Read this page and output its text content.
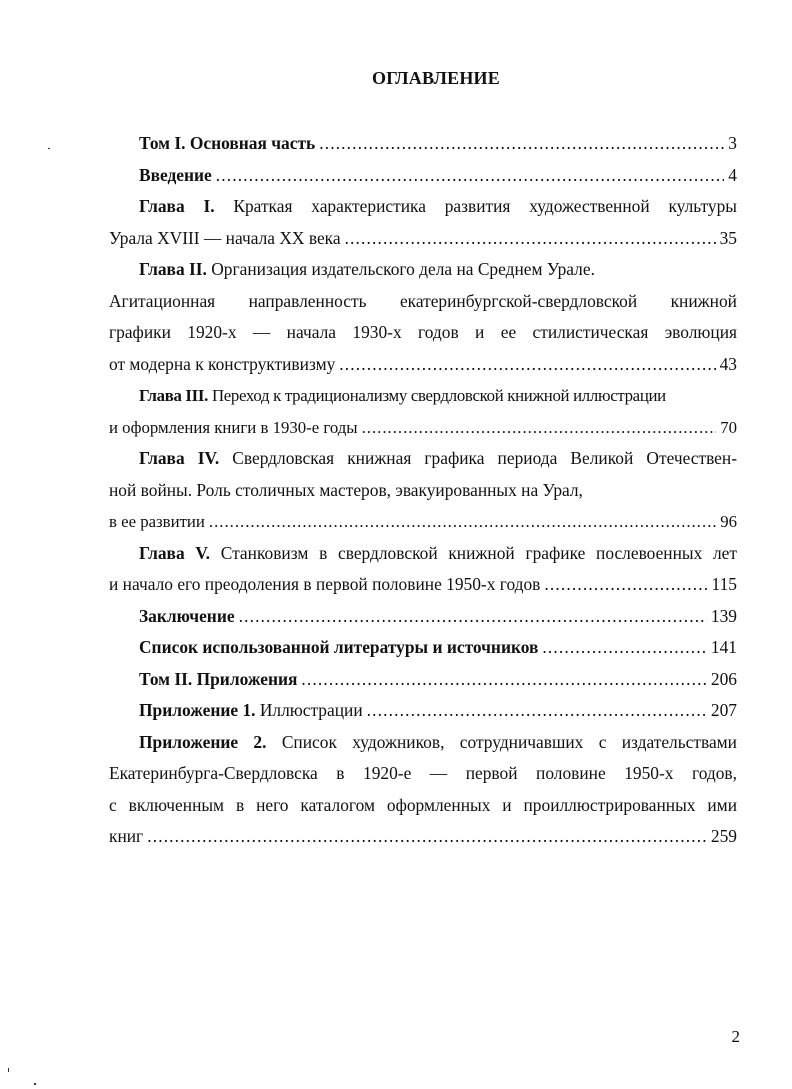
ОГЛАВЛЕНИЕ
Том I. Основная часть . . .	3
Введение . . .	4
Глава I. Краткая характеристика развития художественной культуры
Урала XVIII — начала XX века . . .	35
Глава II. Организация издательского дела на Среднем Урале.
Агитационная направленность екатеринбургской-свердловской книжной
графики 1920-х — начала 1930-х годов и ее стилистическая эволюция
от модерна к конструктивизму . . .	43
Глава III. Переход к традиционализму свердловской книжной иллюстрации
и оформления книги в 1930-е годы . . .	70
Глава IV. Свердловская книжная графика периода Великой Отечествен-
ной войны. Роль столичных мастеров, эвакуированных на Урал,
в ее развитии . . .	96
Глава V. Станковизм в свердловской книжной графике послевоенных лет
и начало его преодоления в первой половине 1950-х годов . . .	115
Заключение . . .	139
Список использованной литературы и источников . . .	141
Том II. Приложения . . .	206
Приложение 1.
Иллюстрации . . .	207
Приложение 2. Список художников, сотрудничавших с издательствами
Екатеринбурга-Свердловска в 1920-е — первой половине 1950-х годов,
с включенным в него каталогом оформленных и проиллюстрированных ими
книг . . .	259
2
